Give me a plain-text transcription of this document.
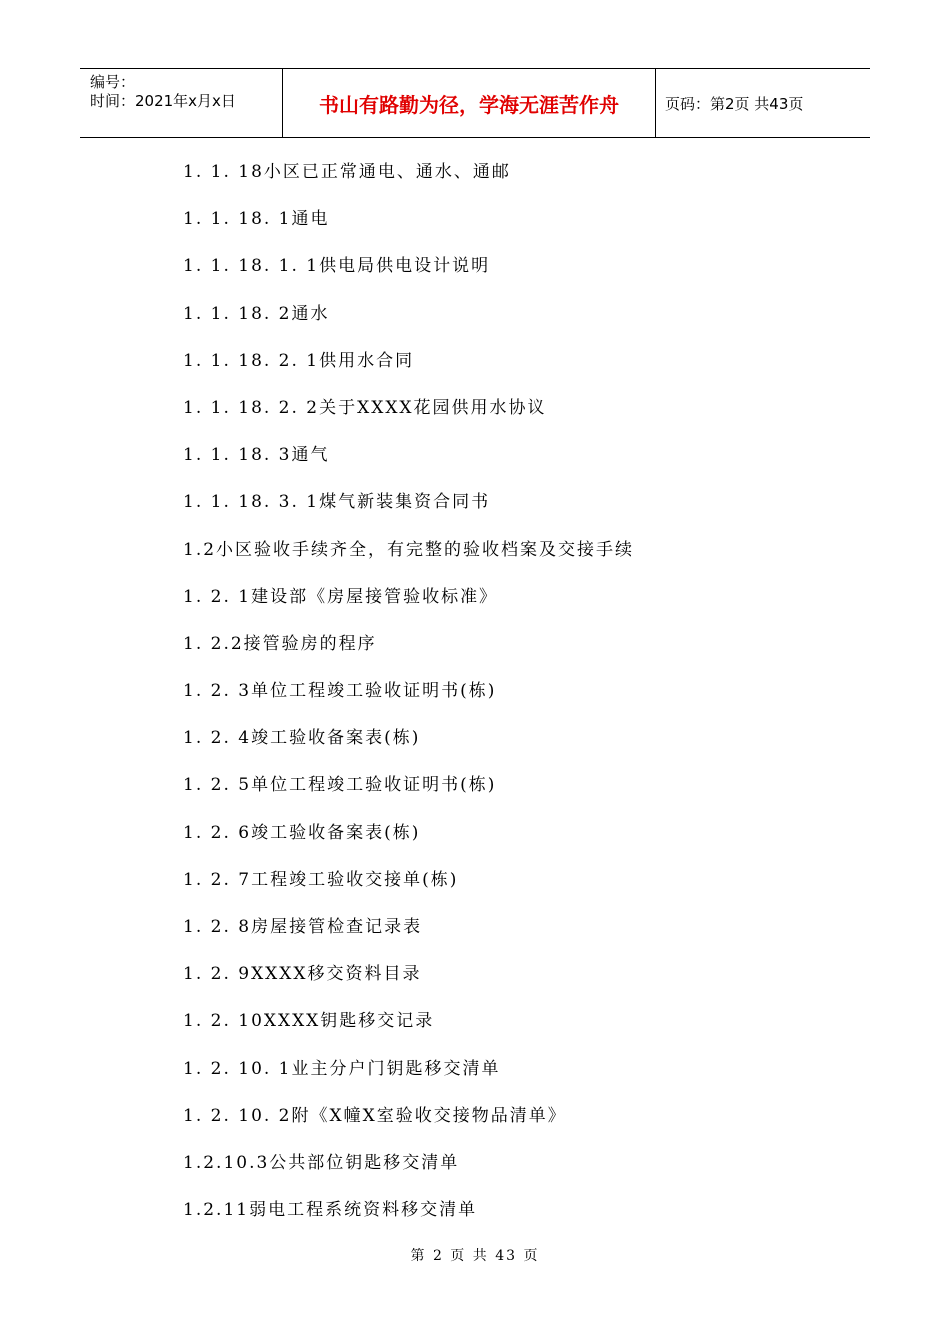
编号：
时间：2021年x月x日	书山有路勤为径，学海无涯苦作舟	页码：第2页 共43页
1. 1. 18小区已正常通电、通水、通邮
1. 1. 18. 1通电
1. 1. 18. 1. 1供电局供电设计说明
1. 1. 18. 2通水
1. 1. 18. 2. 1供用水合同
1. 1. 18. 2. 2关于XXXX花园供用水协议
1. 1. 18. 3通气
1. 1. 18. 3. 1煤气新装集资合同书
1.2小区验收手续齐全，有完整的验收档案及交接手续
1. 2. 1建设部《房屋接管验收标准》
1. 2.2接管验房的程序
1. 2. 3单位工程竣工验收证明书(栋)
1. 2. 4竣工验收备案表(栋)
1. 2. 5单位工程竣工验收证明书(栋)
1. 2. 6竣工验收备案表(栋)
1. 2. 7工程竣工验收交接单(栋)
1. 2. 8房屋接管检查记录表
1. 2. 9XXXX移交资料目录
1. 2. 10XXXX钥匙移交记录
1. 2. 10. 1业主分户门钥匙移交清单
1. 2. 10. 2附《X幢X室验收交接物品清单》
1.2.10.3公共部位钥匙移交清单
1.2.11弱电工程系统资料移交清单
第 2 页 共 43 页
